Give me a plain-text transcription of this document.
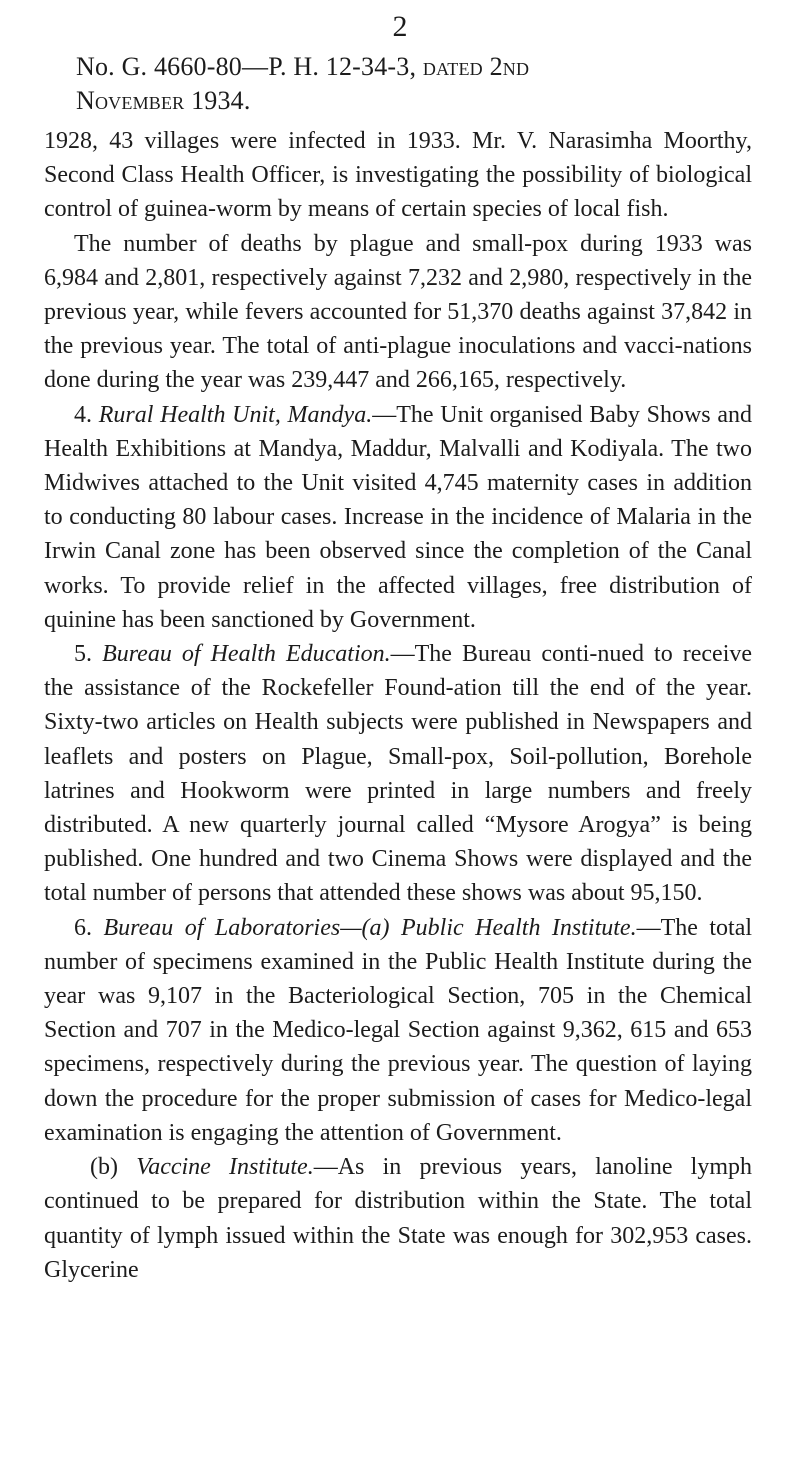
2
No. G. 4660-80—P. H. 12-34-3, dated 2nd
November 1934.

1928, 43 villages were infected in 1933. Mr. V. Narasimha Moorthy, Second Class Health Officer, is investigating the possibility of biological control of guinea-worm by means of certain species of local fish.

The number of deaths by plague and small-pox during 1933 was 6,984 and 2,801, respectively against 7,232 and 2,980, respectively in the previous year, while fevers accounted for 51,370 deaths against 37,842 in the previous year. The total of anti-plague inoculations and vacci-nations done during the year was 239,447 and 266,165, respectively.

4. Rural Health Unit, Mandya.—The Unit organised Baby Shows and Health Exhibitions at Mandya, Maddur, Malvalli and Kodiyala. The two Midwives attached to the Unit visited 4,745 maternity cases in addition to conducting 80 labour cases. Increase in the incidence of Malaria in the Irwin Canal zone has been observed since the completion of the Canal works. To provide relief in the affected villages, free distribution of quinine has been sanctioned by Government.

5. Bureau of Health Education.—The Bureau conti-nued to receive the assistance of the Rockefeller Found-ation till the end of the year. Sixty-two articles on Health subjects were published in Newspapers and leaflets and posters on Plague, Small-pox, Soil-pollution, Borehole latrines and Hookworm were printed in large numbers and freely distributed. A new quarterly journal called “Mysore Arogya” is being published. One hundred and two Cinema Shows were displayed and the total number of persons that attended these shows was about 95,150.

6. Bureau of Laboratories—(a) Public Health Institute.—The total number of specimens examined in the Public Health Institute during the year was 9,107 in the Bacteriological Section, 705 in the Chemical Section and 707 in the Medico-legal Section against 9,362, 615 and 653 specimens, respectively during the previous year. The question of laying down the procedure for the proper submission of cases for Medico-legal examination is engaging the attention of Government.

(b) Vaccine Institute.—As in previous years, lanoline lymph continued to be prepared for distribution within the State. The total quantity of lymph issued within the State was enough for 302,953 cases. Glycerine
